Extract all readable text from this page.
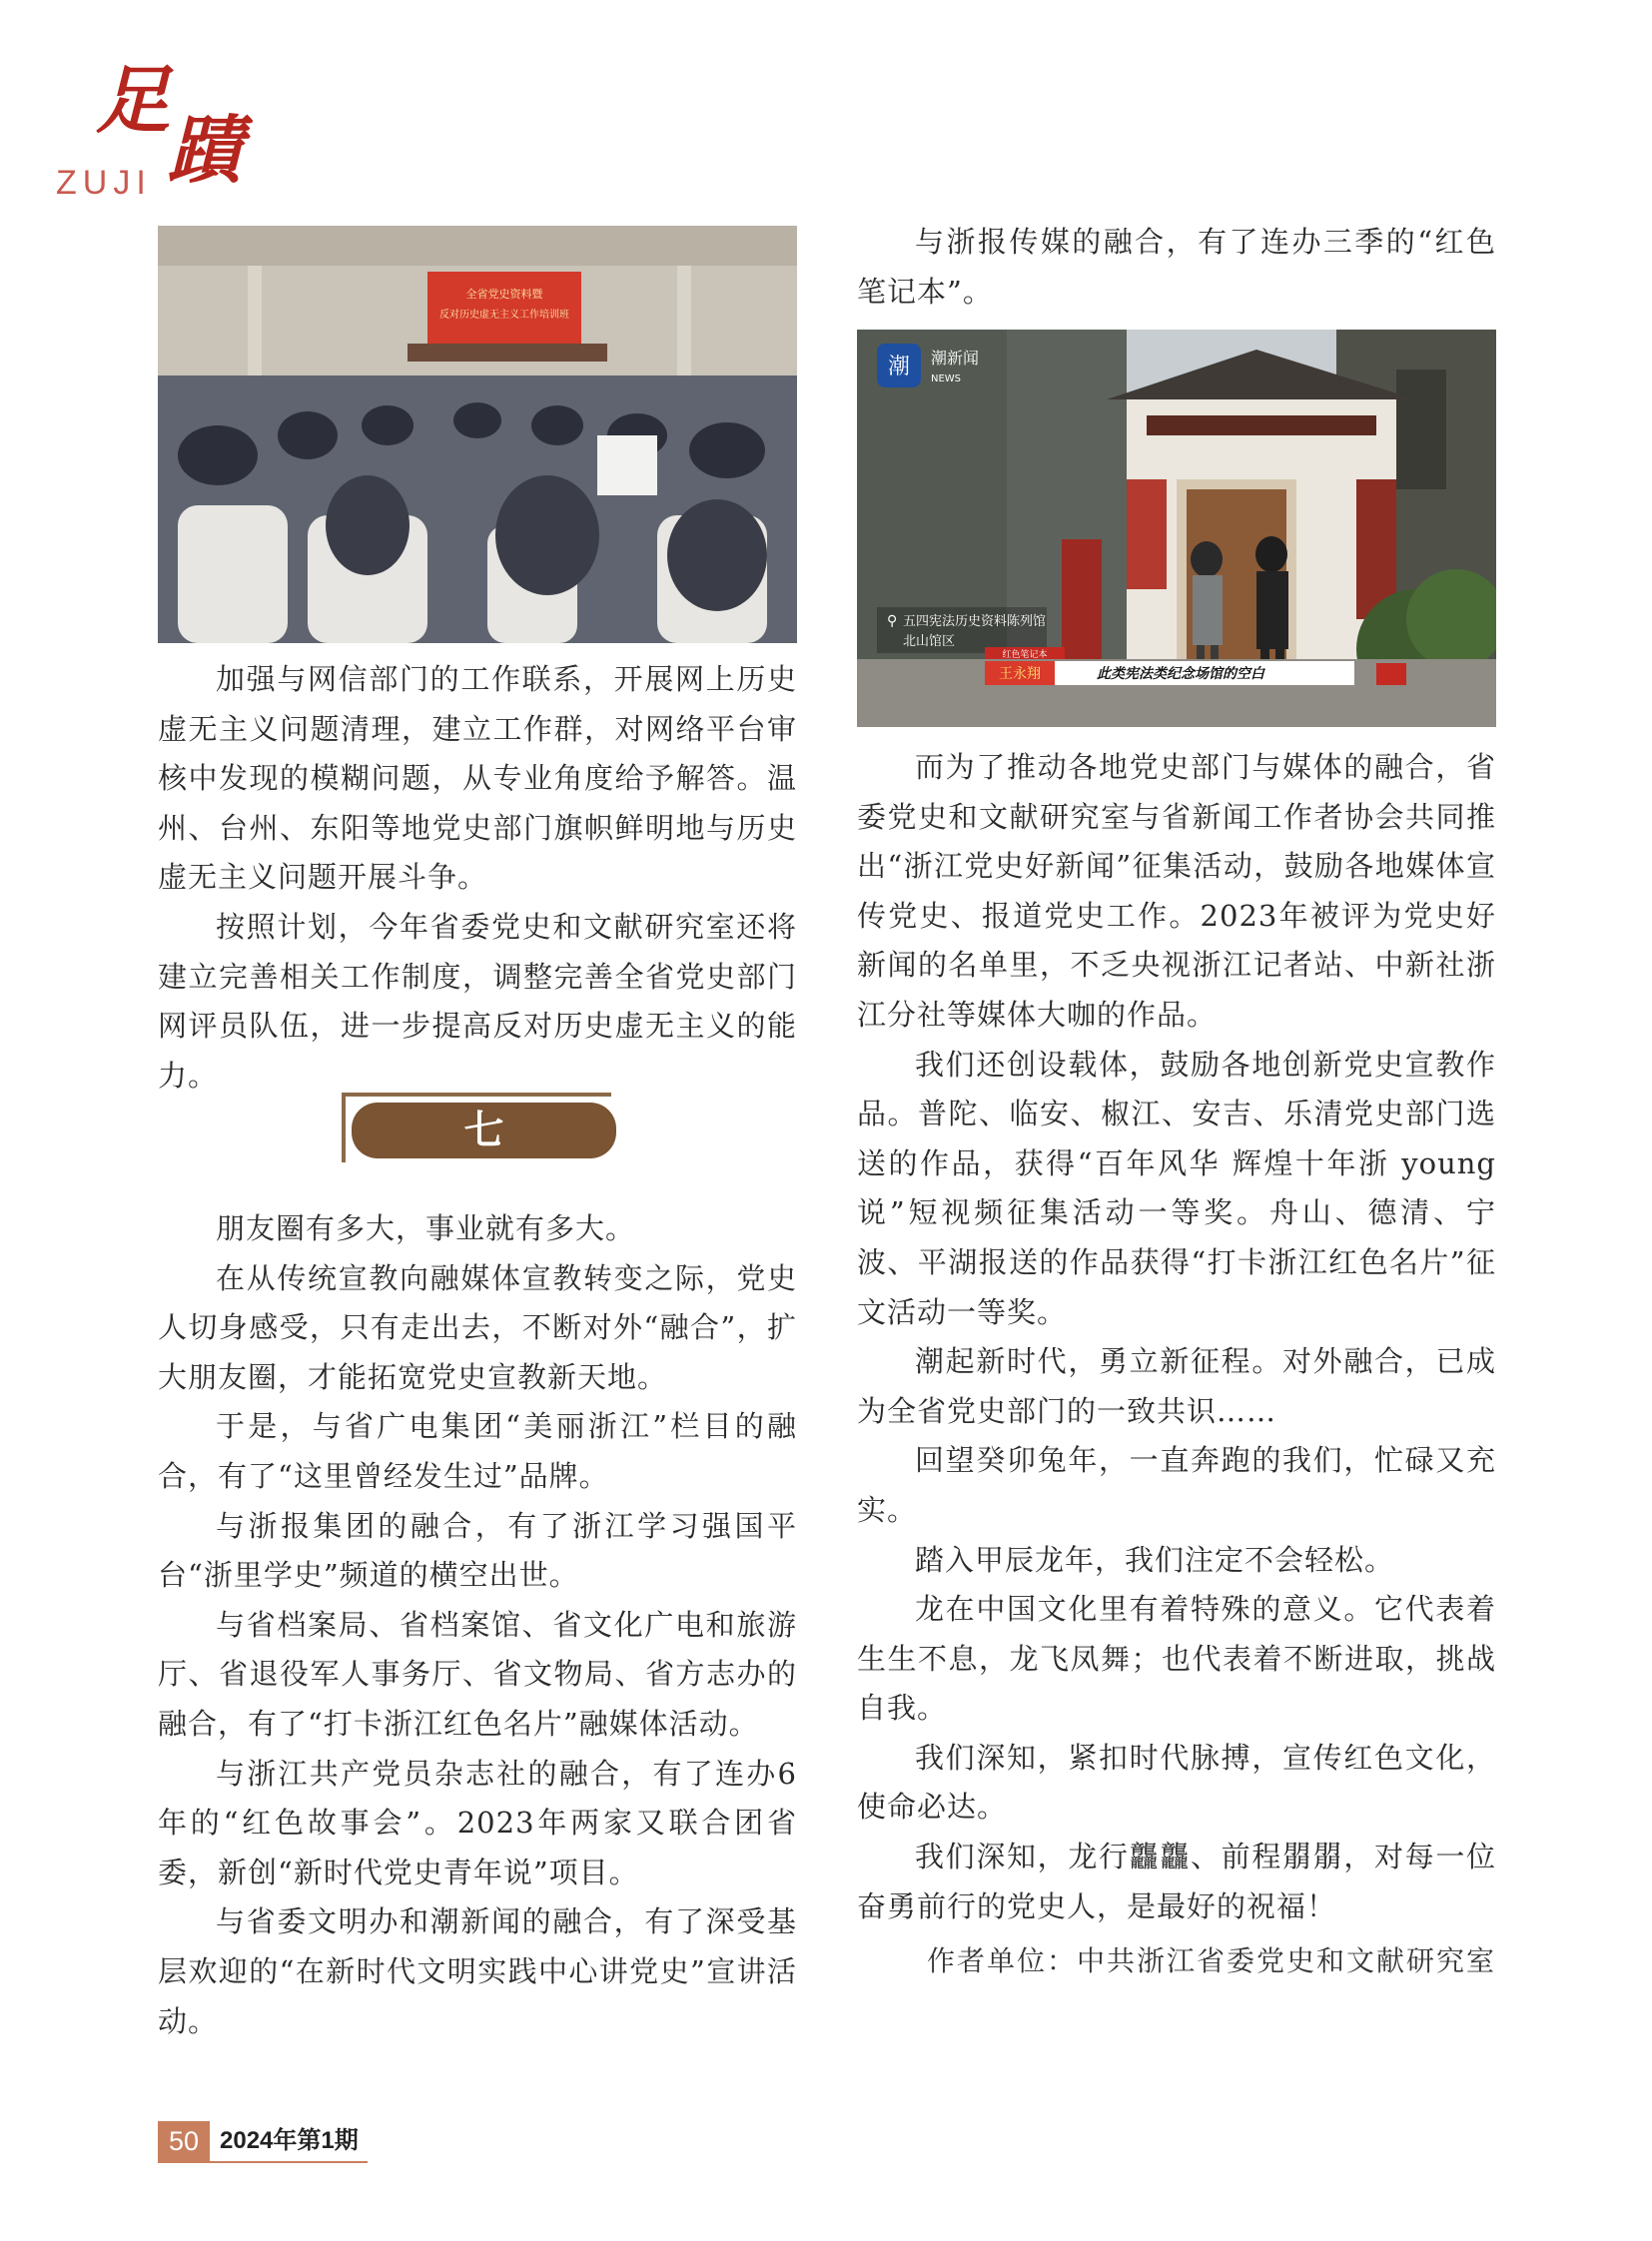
足
蹟
ZUJI
全省党史资料暨
反对历史虚无主义工作培训班

加强与网信部门的工作联系，开展网上历史虚无主义问题清理，建立工作群，对网络平台审核中发现的模糊问题，从专业角度给予解答。温州、台州、东阳等地党史部门旗帜鲜明地与历史虚无主义问题开展斗争。

按照计划，今年省委党史和文献研究室还将建立完善相关工作制度，调整完善全省党史部门网评员队伍，进一步提高反对历史虚无主义的能力。

七

朋友圈有多大，事业就有多大。

在从传统宣教向融媒体宣教转变之际，党史人切身感受，只有走出去，不断对外“融合”，扩大朋友圈，才能拓宽党史宣教新天地。

于是，与省广电集团“美丽浙江”栏目的融合，有了“这里曾经发生过”品牌。

与浙报集团的融合，有了浙江学习强国平台“浙里学史”频道的横空出世。

与省档案局、省档案馆、省文化广电和旅游厅、省退役军人事务厅、省文物局、省方志办的融合，有了“打卡浙江红色名片”融媒体活动。

与浙江共产党员杂志社的融合，有了连办6年的“红色故事会”。2023年两家又联合团省委，新创“新时代党史青年说”项目。

与省委文明办和潮新闻的融合，有了深受基层欢迎的“在新时代文明实践中心讲党史”宣讲活动。

与浙报传媒的融合，有了连办三季的“红色笔记本”。

潮 潮新闻
NEWS
⚲ 五四宪法历史资料陈列馆
北山馆区
红色笔记本
王永翔	此类宪法类纪念场馆的空白

而为了推动各地党史部门与媒体的融合，省委党史和文献研究室与省新闻工作者协会共同推出“浙江党史好新闻”征集活动，鼓励各地媒体宣传党史、报道党史工作。2023年被评为党史好新闻的名单里，不乏央视浙江记者站、中新社浙江分社等媒体大咖的作品。

我们还创设载体，鼓励各地创新党史宣教作品。普陀、临安、椒江、安吉、乐清党史部门选送的作品，获得“百年风华 辉煌十年浙 young 说”短视频征集活动一等奖。舟山、德清、宁波、平湖报送的作品获得“打卡浙江红色名片”征文活动一等奖。

潮起新时代，勇立新征程。对外融合，已成为全省党史部门的一致共识……

回望癸卯兔年，一直奔跑的我们，忙碌又充实。

踏入甲辰龙年，我们注定不会轻松。

龙在中国文化里有着特殊的意义。它代表着生生不息，龙飞凤舞；也代表着不断进取，挑战自我。

我们深知，紧扣时代脉搏，宣传红色文化，使命必达。

我们深知，龙行龘龘、前程朤朤，对每一位奋勇前行的党史人，是最好的祝福！

作者单位：中共浙江省委党史和文献研究室
50 2024年第1期
